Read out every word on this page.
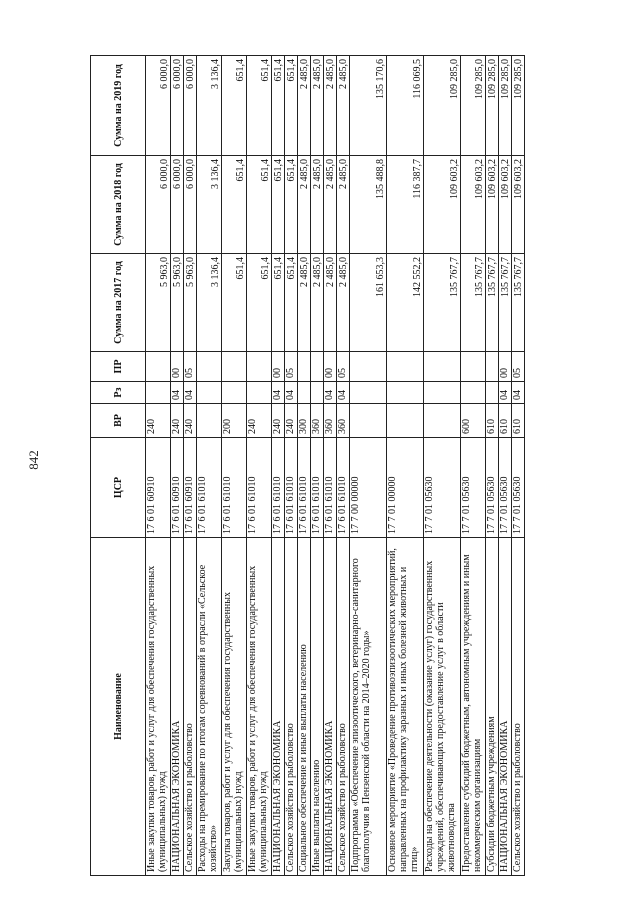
842
Наименование	ЦСР	ВР	Рз	ПР	Сумма на 2017 год	Сумма на 2018 год	Сумма на 2019 год
Иные закупки товаров, работ и услуг для обеспечения государственных (муниципальных) нужд	17 6 01 60910	240			5 963,0	6 000,0	6 000,0
НАЦИОНАЛЬНАЯ ЭКОНОМИКА	17 6 01 60910	240	04	00	5 963,0	6 000,0	6 000,0
Сельское хозяйство и рыболовство	17 6 01 60910	240	04	05	5 963,0	6 000,0	6 000,0
Расходы на премирование по итогам соревнований в отрасли «Сельское хозяйство»	17 6 01 61010				3 136,4	3 136,4	3 136,4
Закупка товаров, работ и услуг для обеспечения государственных (муниципальных) нужд	17 6 01 61010	200			651,4	651,4	651,4
Иные закупки товаров, работ и услуг для обеспечения государственных (муниципальных) нужд	17 6 01 61010	240			651,4	651,4	651,4
НАЦИОНАЛЬНАЯ ЭКОНОМИКА	17 6 01 61010	240	04	00	651,4	651,4	651,4
Сельское хозяйство и рыболовство	17 6 01 61010	240	04	05	651,4	651,4	651,4
Социальное обеспечение и иные выплаты населению	17 6 01 61010	300			2 485,0	2 485,0	2 485,0
Иные выплаты населению	17 6 01 61010	360			2 485,0	2 485,0	2 485,0
НАЦИОНАЛЬНАЯ ЭКОНОМИКА	17 6 01 61010	360	04	00	2 485,0	2 485,0	2 485,0
Сельское хозяйство и рыболовство	17 6 01 61010	360	04	05	2 485,0	2 485,0	2 485,0
Подпрограмма «Обеспечение эпизоотического, ветеринарно-санитарного благополучия в Пензенской области на 2014–2020 годы»	17 7 00 00000				161 653,3	135 488,8	135 170,6
Основное мероприятие «Проведение противоэпизоотических мероприятий, направленных на профилактику заразных и иных болезней животных и птиц»	17 7 01 00000				142 552,2	116 387,7	116 069,5
Расходы на обеспечение деятельности (оказание услуг) государственных учреждений, обеспечивающих предоставление услуг в области животноводства	17 7 01 05630				135 767,7	109 603,2	109 285,0
Предоставление субсидий бюджетным, автономным учреждениям и иным некоммерческим организациям	17 7 01 05630	600			135 767,7	109 603,2	109 285,0
Субсидии бюджетным учреждениям	17 7 01 05630	610			135 767,7	109 603,2	109 285,0
НАЦИОНАЛЬНАЯ ЭКОНОМИКА	17 7 01 05630	610	04	00	135 767,7	109 603,2	109 285,0
Сельское хозяйство и рыболовство	17 7 01 05630	610	04	05	135 767,7	109 603,2	109 285,0
